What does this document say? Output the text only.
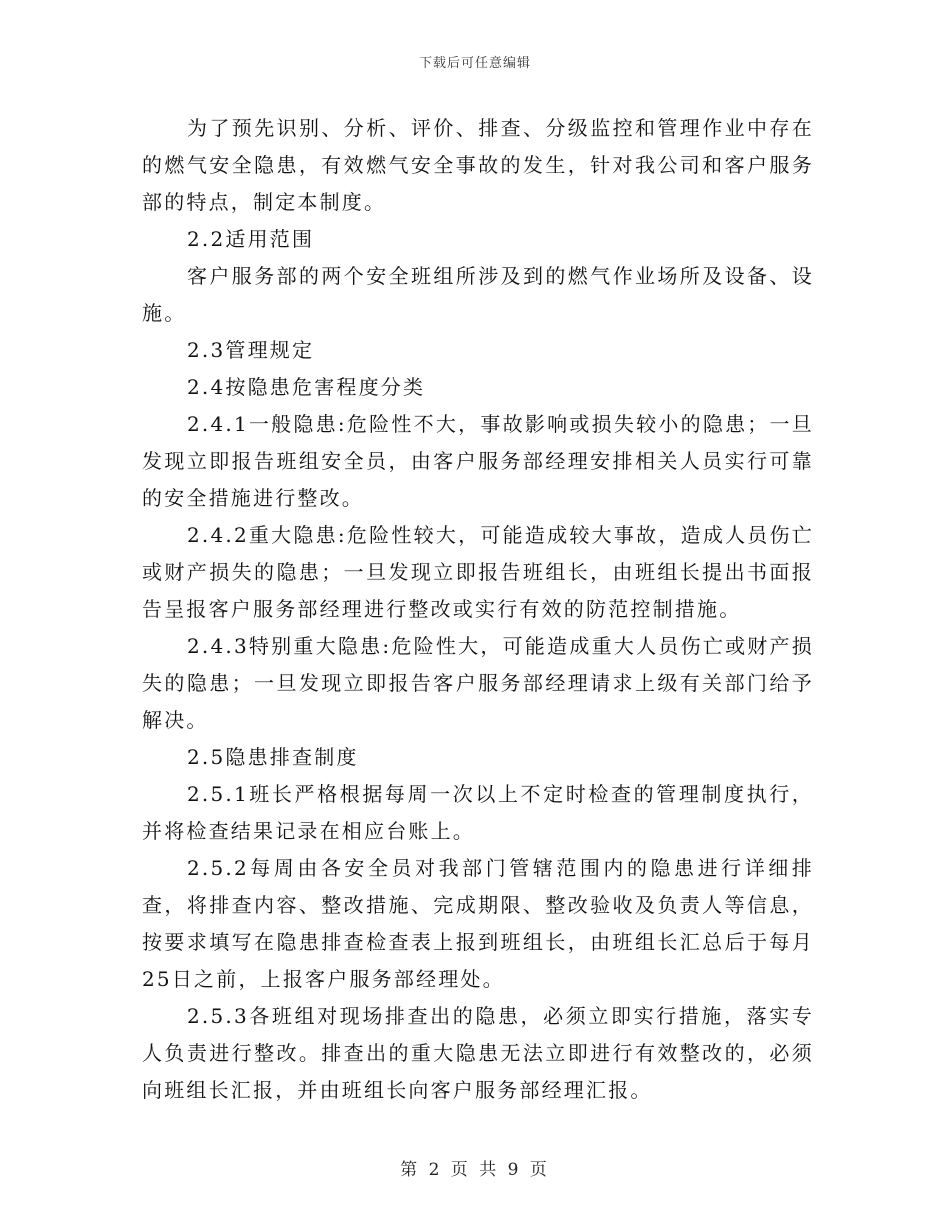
下载后可任意编辑

为了预先识别、分析、评价、排查、分级监控和管理作业中存在的燃气安全隐患，有效燃气安全事故的发生，针对我公司和客户服务部的特点，制定本制度。

2.2适用范围

客户服务部的两个安全班组所涉及到的燃气作业场所及设备、设施。

2.3管理规定

2.4按隐患危害程度分类

2.4.1一般隐患:危险性不大，事故影响或损失较小的隐患；一旦发现立即报告班组安全员，由客户服务部经理安排相关人员实行可靠的安全措施进行整改。

2.4.2重大隐患:危险性较大，可能造成较大事故，造成人员伤亡或财产损失的隐患；一旦发现立即报告班组长，由班组长提出书面报告呈报客户服务部经理进行整改或实行有效的防范控制措施。

2.4.3特别重大隐患:危险性大，可能造成重大人员伤亡或财产损失的隐患；一旦发现立即报告客户服务部经理请求上级有关部门给予解决。

2.5隐患排查制度

2.5.1班长严格根据每周一次以上不定时检查的管理制度执行，并将检查结果记录在相应台账上。

2.5.2每周由各安全员对我部门管辖范围内的隐患进行详细排查，将排查内容、整改措施、完成期限、整改验收及负责人等信息，按要求填写在隐患排查检查表上报到班组长，由班组长汇总后于每月25日之前，上报客户服务部经理处。

2.5.3各班组对现场排查出的隐患，必须立即实行措施，落实专人负责进行整改。排查出的重大隐患无法立即进行有效整改的，必须向班组长汇报，并由班组长向客户服务部经理汇报。

第 2 页 共 9 页
